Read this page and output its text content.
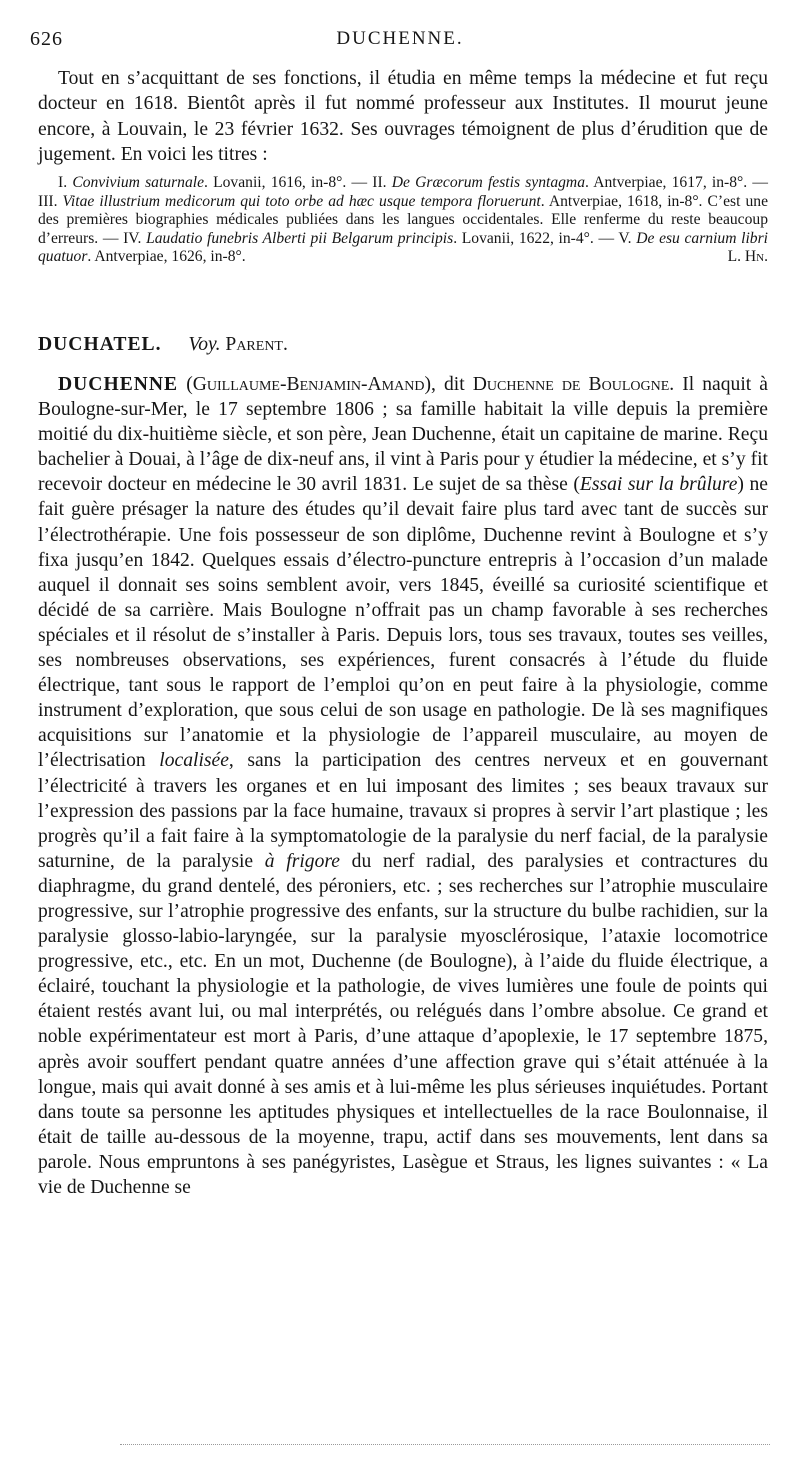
626	DUCHENNE.

Tout en s’acquittant de ses fonctions, il étudia en même temps la médecine et fut reçu docteur en 1618. Bientôt après il fut nommé professeur aux Institutes. Il mourut jeune encore, à Louvain, le 23 février 1632. Ses ouvrages témoignent de plus d’érudition que de jugement. En voici les titres :

I. Convivium saturnale. Lovanii, 1616, in-8°. — II. De Græcorum festis syntagma. Antverpiae, 1617, in-8°. — III. Vitae illustrium medicorum qui toto orbe ad hæc usque tempora floruerunt. Antverpiae, 1618, in-8°. C’est une des premières biographies médicales publiées dans les langues occidentales. Elle renferme du reste beaucoup d’erreurs. — IV. Laudatio funebris Alberti pii Belgarum principis. Lovanii, 1622, in-4°. — V. De esu carnium libri quatuor. Antverpiae, 1626, in-8°.	L. Hn.

DUCHATEL. Voy. Parent.

DUCHENNE (Guillaume-Benjamin-Amand), dit Duchenne de Boulogne. Il naquit à Boulogne-sur-Mer, le 17 septembre 1806 ; sa famille habitait la ville depuis la première moitié du dix-huitième siècle, et son père, Jean Duchenne, était un capitaine de marine. Reçu bachelier à Douai, à l’âge de dix-neuf ans, il vint à Paris pour y étudier la médecine, et s’y fit recevoir docteur en médecine le 30 avril 1831. Le sujet de sa thèse (Essai sur la brûlure) ne fait guère présager la nature des études qu’il devait faire plus tard avec tant de succès sur l’électrothérapie. Une fois possesseur de son diplôme, Duchenne revint à Boulogne et s’y fixa jusqu’en 1842. Quelques essais d’électro-puncture entrepris à l’occasion d’un malade auquel il donnait ses soins semblent avoir, vers 1845, éveillé sa curiosité scientifique et décidé de sa carrière. Mais Boulogne n’offrait pas un champ favorable à ses recherches spéciales et il résolut de s’installer à Paris. Depuis lors, tous ses travaux, toutes ses veilles, ses nombreuses observations, ses expériences, furent consacrés à l’étude du fluide électrique, tant sous le rapport de l’emploi qu’on en peut faire à la physiologie, comme instrument d’exploration, que sous celui de son usage en pathologie. De là ses magnifiques acquisitions sur l’anatomie et la physiologie de l’appareil musculaire, au moyen de l’électrisation localisée, sans la participation des centres nerveux et en gouvernant l’électricité à travers les organes et en lui imposant des limites ; ses beaux travaux sur l’expression des passions par la face humaine, travaux si propres à servir l’art plastique ; les progrès qu’il a fait faire à la symptomatologie de la paralysie du nerf facial, de la paralysie saturnine, de la paralysie à frigore du nerf radial, des paralysies et contractures du diaphragme, du grand dentelé, des péroniers, etc. ; ses recherches sur l’atrophie musculaire progressive, sur l’atrophie progressive des enfants, sur la structure du bulbe rachidien, sur la paralysie glosso-labio-laryngée, sur la paralysie myosclérosique, l’ataxie locomotrice progressive, etc., etc. En un mot, Duchenne (de Boulogne), à l’aide du fluide électrique, a éclairé, touchant la physiologie et la pathologie, de vives lumières une foule de points qui étaient restés avant lui, ou mal interprétés, ou relégués dans l’ombre absolue. Ce grand et noble expérimentateur est mort à Paris, d’une attaque d’apoplexie, le 17 septembre 1875, après avoir souffert pendant quatre années d’une affection grave qui s’était atténuée à la longue, mais qui avait donné à ses amis et à lui-même les plus sérieuses inquiétudes. Portant dans toute sa personne les aptitudes physiques et intellectuelles de la race Boulonnaise, il était de taille au-dessous de la moyenne, trapu, actif dans ses mouvements, lent dans sa parole. Nous empruntons à ses panégyristes, Lasègue et Straus, les lignes suivantes : « La vie de Duchenne se
